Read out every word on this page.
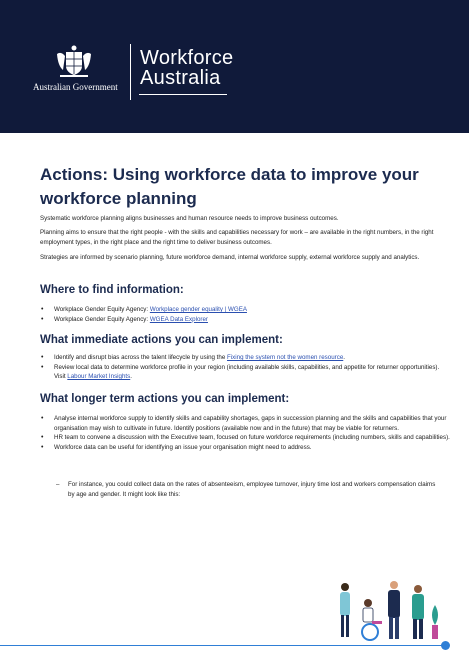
Australian Government
Workforce
Australia
Actions: Using workforce data to improve your workforce planning
Systematic workforce planning aligns businesses and human resource needs to improve business outcomes.
Planning aims to ensure that the right people - with the skills and capabilities necessary for work – are available in the right numbers, in the right employment types, in the right place and the right time to deliver business outcomes.
Strategies are informed by scenario planning, future workforce demand, internal workforce supply, external workforce supply and analytics.
Where to find information:
• Workplace Gender Equity Agency: Workplace gender equality | WGEA
• Workplace Gender Equity Agency: WGEA Data Explorer
What immediate actions you can implement:
• Identify and disrupt bias across the talent lifecycle by using the Fixing the system not the women resource.
• Review local data to determine workforce profile in your region (including available skills, capabilities, and appetite for returner opportunities). Visit Labour Market Insights.
What longer term actions you can implement:
• Analyse internal workforce supply to identify skills and capability shortages, gaps in succession planning and the skills and capabilities that your organisation may wish to cultivate in future. Identify positions (available now and in the future) that may be viable for returners.
• HR team to convene a discussion with the Executive team, focused on future workforce requirements (including numbers, skills and capabilities).
• Workforce data can be useful for identifying an issue your organisation might need to address.
– For instance, you could collect data on the rates of absenteeism, employee turnover, injury time lost and workers compensation claims by age and gender. It might look like this:
